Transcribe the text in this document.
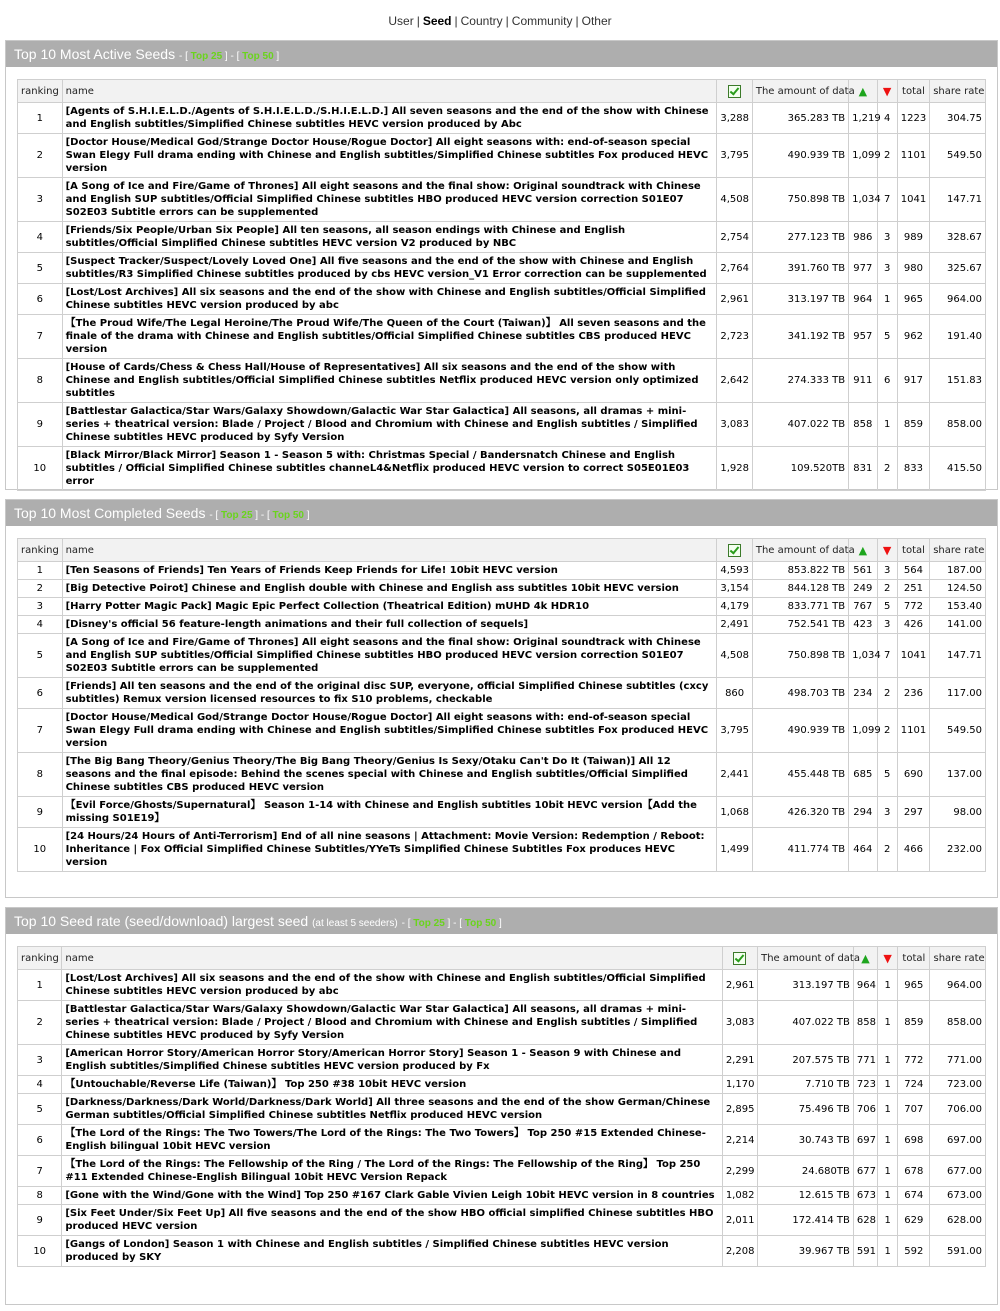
User | Seed | Country | Community | Other
Top 10 Most Active Seeds - [ Top 25 ] - [ Top 50 ]
ranking	name		The amount of data	▲	▼	total	share rate
1	[Agents of S.H.I.E.L.D./Agents of S.H.I.E.L.D./S.H.I.E.L.D.] All seven seasons and the end of the show with Chinese and English subtitles/Simplified Chinese subtitles HEVC version produced by Abc	3,288	365.283 TB	1,219	4	1223	304.75
2	[Doctor House/Medical God/Strange Doctor House/Rogue Doctor] All eight seasons with: end-of-season special Swan Elegy Full drama ending with Chinese and English subtitles/Simplified Chinese subtitles Fox produced HEVC version	3,795	490.939 TB	1,099	2	1101	549.50
3	[A Song of Ice and Fire/Game of Thrones] All eight seasons and the final show: Original soundtrack with Chinese and English SUP subtitles/Official Simplified Chinese subtitles HBO produced HEVC version correction S01E07 S02E03 Subtitle errors can be supplemented	4,508	750.898 TB	1,034	7	1041	147.71
4	[Friends/Six People/Urban Six People] All ten seasons, all season endings with Chinese and English subtitles/Official Simplified Chinese subtitles HEVC version V2 produced by NBC	2,754	277.123 TB	986	3	989	328.67
5	[Suspect Tracker/Suspect/Lovely Loved One] All five seasons and the end of the show with Chinese and English subtitles/R3 Simplified Chinese subtitles produced by cbs HEVC version_V1 Error correction can be supplemented	2,764	391.760 TB	977	3	980	325.67
6	[Lost/Lost Archives] All six seasons and the end of the show with Chinese and English subtitles/Official Simplified Chinese subtitles HEVC version produced by abc	2,961	313.197 TB	964	1	965	964.00
7	【The Proud Wife/The Legal Heroine/The Proud Wife/The Queen of the Court (Taiwan)】 All seven seasons and the finale of the drama with Chinese and English subtitles/Official Simplified Chinese subtitles CBS produced HEVC version	2,723	341.192 TB	957	5	962	191.40
8	[House of Cards/Chess & Chess Hall/House of Representatives] All six seasons and the end of the show with Chinese and English subtitles/Official Simplified Chinese subtitles Netflix produced HEVC version only optimized subtitles	2,642	274.333 TB	911	6	917	151.83
9	[Battlestar Galactica/Star Wars/Galaxy Showdown/Galactic War Star Galactica] All seasons, all dramas + mini-series + theatrical version: Blade / Project / Blood and Chromium with Chinese and English subtitles / Simplified Chinese subtitles HEVC produced by Syfy Version	3,083	407.022 TB	858	1	859	858.00
10	[Black Mirror/Black Mirror] Season 1 - Season 5 with: Christmas Special / Bandersnatch Chinese and English subtitles / Official Simplified Chinese subtitles channeL4&Netflix produced HEVC version to correct S05E01E03 error	1,928	109.520TB	831	2	833	415.50
Top 10 Most Completed Seeds - [ Top 25 ] - [ Top 50 ]
ranking	name		The amount of data	▲	▼	total	share rate
1	[Ten Seasons of Friends] Ten Years of Friends Keep Friends for Life! 10bit HEVC version	4,593	853.822 TB	561	3	564	187.00
2	[Big Detective Poirot] Chinese and English double with Chinese and English ass subtitles 10bit HEVC version	3,154	844.128 TB	249	2	251	124.50
3	[Harry Potter Magic Pack] Magic Epic Perfect Collection (Theatrical Edition) mUHD 4k HDR10	4,179	833.771 TB	767	5	772	153.40
4	[Disney's official 56 feature-length animations and their full collection of sequels]	2,491	752.541 TB	423	3	426	141.00
5	[A Song of Ice and Fire/Game of Thrones] All eight seasons and the final show: Original soundtrack with Chinese and English SUP subtitles/Official Simplified Chinese subtitles HBO produced HEVC version correction S01E07 S02E03 Subtitle errors can be supplemented	4,508	750.898 TB	1,034	7	1041	147.71
6	[Friends] All ten seasons and the end of the original disc SUP, everyone, official Simplified Chinese subtitles (cxcy subtitles) Remux version licensed resources to fix S10 problems, checkable	860	498.703 TB	234	2	236	117.00
7	[Doctor House/Medical God/Strange Doctor House/Rogue Doctor] All eight seasons with: end-of-season special Swan Elegy Full drama ending with Chinese and English subtitles/Simplified Chinese subtitles Fox produced HEVC version	3,795	490.939 TB	1,099	2	1101	549.50
8	[The Big Bang Theory/Genius Theory/The Big Bang Theory/Genius Is Sexy/Otaku Can't Do It (Taiwan)] All 12 seasons and the final episode: Behind the scenes special with Chinese and English subtitles/Official Simplified Chinese subtitles CBS produced HEVC version	2,441	455.448 TB	685	5	690	137.00
9	【Evil Force/Ghosts/Supernatural】 Season 1-14 with Chinese and English subtitles 10bit HEVC version【Add the missing S01E19】	1,068	426.320 TB	294	3	297	98.00
10	[24 Hours/24 Hours of Anti-Terrorism] End of all nine seasons | Attachment: Movie Version: Redemption / Reboot: Inheritance | Fox Official Simplified Chinese Subtitles/YYeTs Simplified Chinese Subtitles Fox produces HEVC version	1,499	411.774 TB	464	2	466	232.00
Top 10 Seed rate (seed/download) largest seed (at least 5 seeders) - [ Top 25 ] - [ Top 50 ]
ranking	name		The amount of data	▲	▼	total	share rate
1	[Lost/Lost Archives] All six seasons and the end of the show with Chinese and English subtitles/Official Simplified Chinese subtitles HEVC version produced by abc	2,961	313.197 TB	964	1	965	964.00
2	[Battlestar Galactica/Star Wars/Galaxy Showdown/Galactic War Star Galactica] All seasons, all dramas + mini-series + theatrical version: Blade / Project / Blood and Chromium with Chinese and English subtitles / Simplified Chinese subtitles HEVC produced by Syfy Version	3,083	407.022 TB	858	1	859	858.00
3	[American Horror Story/American Horror Story/American Horror Story] Season 1 - Season 9 with Chinese and English subtitles/Simplified Chinese subtitles HEVC version produced by Fx	2,291	207.575 TB	771	1	772	771.00
4	【Untouchable/Reverse Life (Taiwan)】 Top 250 #38 10bit HEVC version	1,170	7.710 TB	723	1	724	723.00
5	[Darkness/Darkness/Dark World/Darkness/Dark World] All three seasons and the end of the show German/Chinese German subtitles/Official Simplified Chinese subtitles Netflix produced HEVC version	2,895	75.496 TB	706	1	707	706.00
6	【The Lord of the Rings: The Two Towers/The Lord of the Rings: The Two Towers】 Top 250 #15 Extended Chinese-English bilingual 10bit HEVC version	2,214	30.743 TB	697	1	698	697.00
7	【The Lord of the Rings: The Fellowship of the Ring / The Lord of the Rings: The Fellowship of the Ring】 Top 250 #11 Extended Chinese-English Bilingual 10bit HEVC Version Repack	2,299	24.680TB	677	1	678	677.00
8	[Gone with the Wind/Gone with the Wind] Top 250 #167 Clark Gable Vivien Leigh 10bit HEVC version in 8 countries	1,082	12.615 TB	673	1	674	673.00
9	[Six Feet Under/Six Feet Up] All five seasons and the end of the show HBO official simplified Chinese subtitles HBO produced HEVC version	2,011	172.414 TB	628	1	629	628.00
10	[Gangs of London] Season 1 with Chinese and English subtitles / Simplified Chinese subtitles HEVC version produced by SKY	2,208	39.967 TB	591	1	592	591.00
